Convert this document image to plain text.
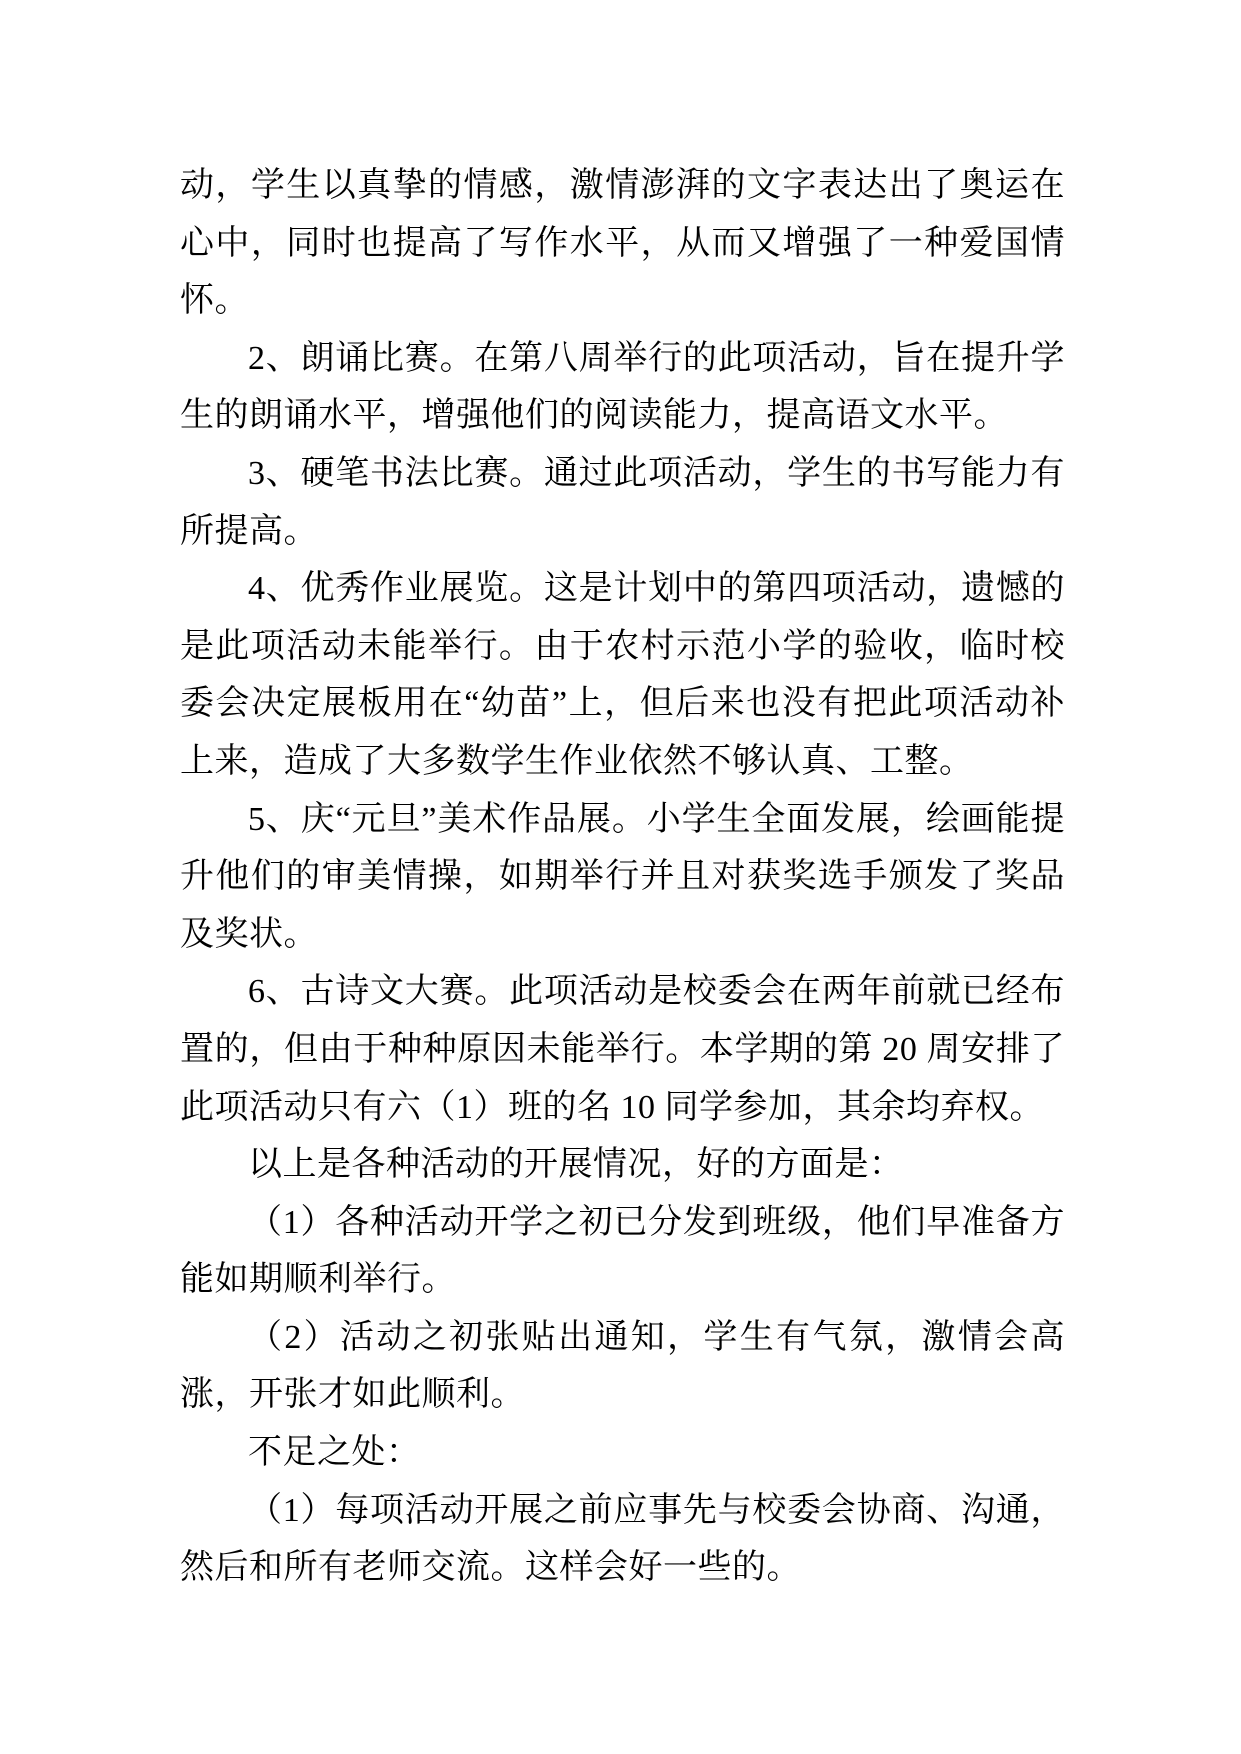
动，学生以真挚的情感，激情澎湃的文字表达出了奥运在心中，同时也提高了写作水平，从而又增强了一种爱国情怀。

2、朗诵比赛。在第八周举行的此项活动，旨在提升学生的朗诵水平，增强他们的阅读能力，提高语文水平。

3、硬笔书法比赛。通过此项活动，学生的书写能力有所提高。

4、优秀作业展览。这是计划中的第四项活动，遗憾的是此项活动未能举行。由于农村示范小学的验收，临时校委会决定展板用在“幼苗”上，但后来也没有把此项活动补上来，造成了大多数学生作业依然不够认真、工整。

5、庆“元旦”美术作品展。小学生全面发展，绘画能提升他们的审美情操，如期举行并且对获奖选手颁发了奖品及奖状。

6、古诗文大赛。此项活动是校委会在两年前就已经布置的，但由于种种原因未能举行。本学期的第 20 周安排了此项活动只有六（1）班的名 10 同学参加，其余均弃权。

以上是各种活动的开展情况，好的方面是：

（1）各种活动开学之初已分发到班级，他们早准备方能如期顺利举行。

（2）活动之初张贴出通知，学生有气氛，激情会高涨，开张才如此顺利。

不足之处：

（1）每项活动开展之前应事先与校委会协商、沟通，然后和所有老师交流。这样会好一些的。
